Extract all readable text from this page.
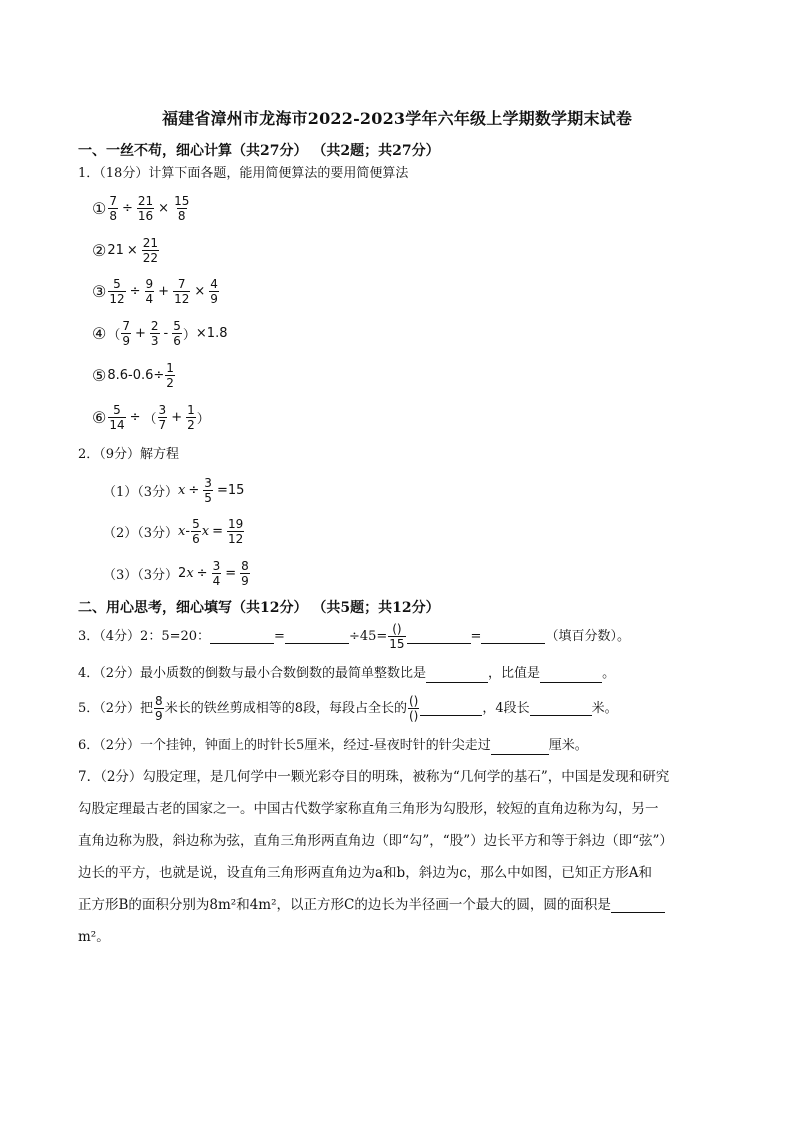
福建省漳州市龙海市2022-2023学年六年级上学期数学期末试卷
一、一丝不苟，细心计算（共27分） （共2题；共27分）
1．（18分）计算下面各题，能用简便算法的要用简便算法
① $\frac{7}{8} \div \frac{21}{16} \times \frac{15}{8}$
② $21 \times \frac{21}{22}$
③ $\frac{5}{12} \div \frac{9}{4} + \frac{7}{12} \times \frac{4}{9}$
④ （ $\frac{7}{9} + \frac{2}{3} - \frac{5}{6}$ ） ×1.8
⑤ $8.6-0.6\div \frac{1}{2}$
⑥ $\frac{5}{14}$ ÷ （ $\frac{3}{7} + \frac{1}{2}$ ）
2．（9分）解方程
（1）（3分） $x \div \frac{3}{5} =15$
（2）（3分） x - $\frac{5}{6}$ $x = \frac{19}{12}$
（3）（3分） 2 $x \div \frac{3}{4} = \frac{8}{9}$
二、用心思考，细心填写（共12分） （共5题；共12分）
3．（4分）2：5=20：	=	$\div 45= \frac{()}{15}$	=	（填百分数）。
4．（2分）最小质数的倒数与最小合数倒数的最简单整数比是	，比值是	。
5．（2分）把 $\frac{8}{9}$ 米长的铁丝剪成相等的8段，每段占全长的 $\frac{()}{()}$	，4段长	米。
6．（2分）一个挂钟，钟面上的时针长5厘米，经过-昼夜时针的针尖走过	厘米。
7．（2分）勾股定理，是几何学中一颗光彩夺目的明珠，被称为“几何学的基石”，中国是发现和研究
勾股定理最古老的国家之一。中国古代数学家称直角三角形为勾股形，较短的直角边称为勾，另一
直角边称为股，斜边称为弦，直角三角形两直角边（即“勾”，“股”）边长平方和等于斜边（即“弦”）
边长的平方，也就是说，设直角三角形两直角边为a和b，斜边为c，那么中如图，已知正方形A和
正方形B的面积分别为8m²和4m²，以正方形C的边长为半径画一个最大的圆，圆的面积是
m²。
